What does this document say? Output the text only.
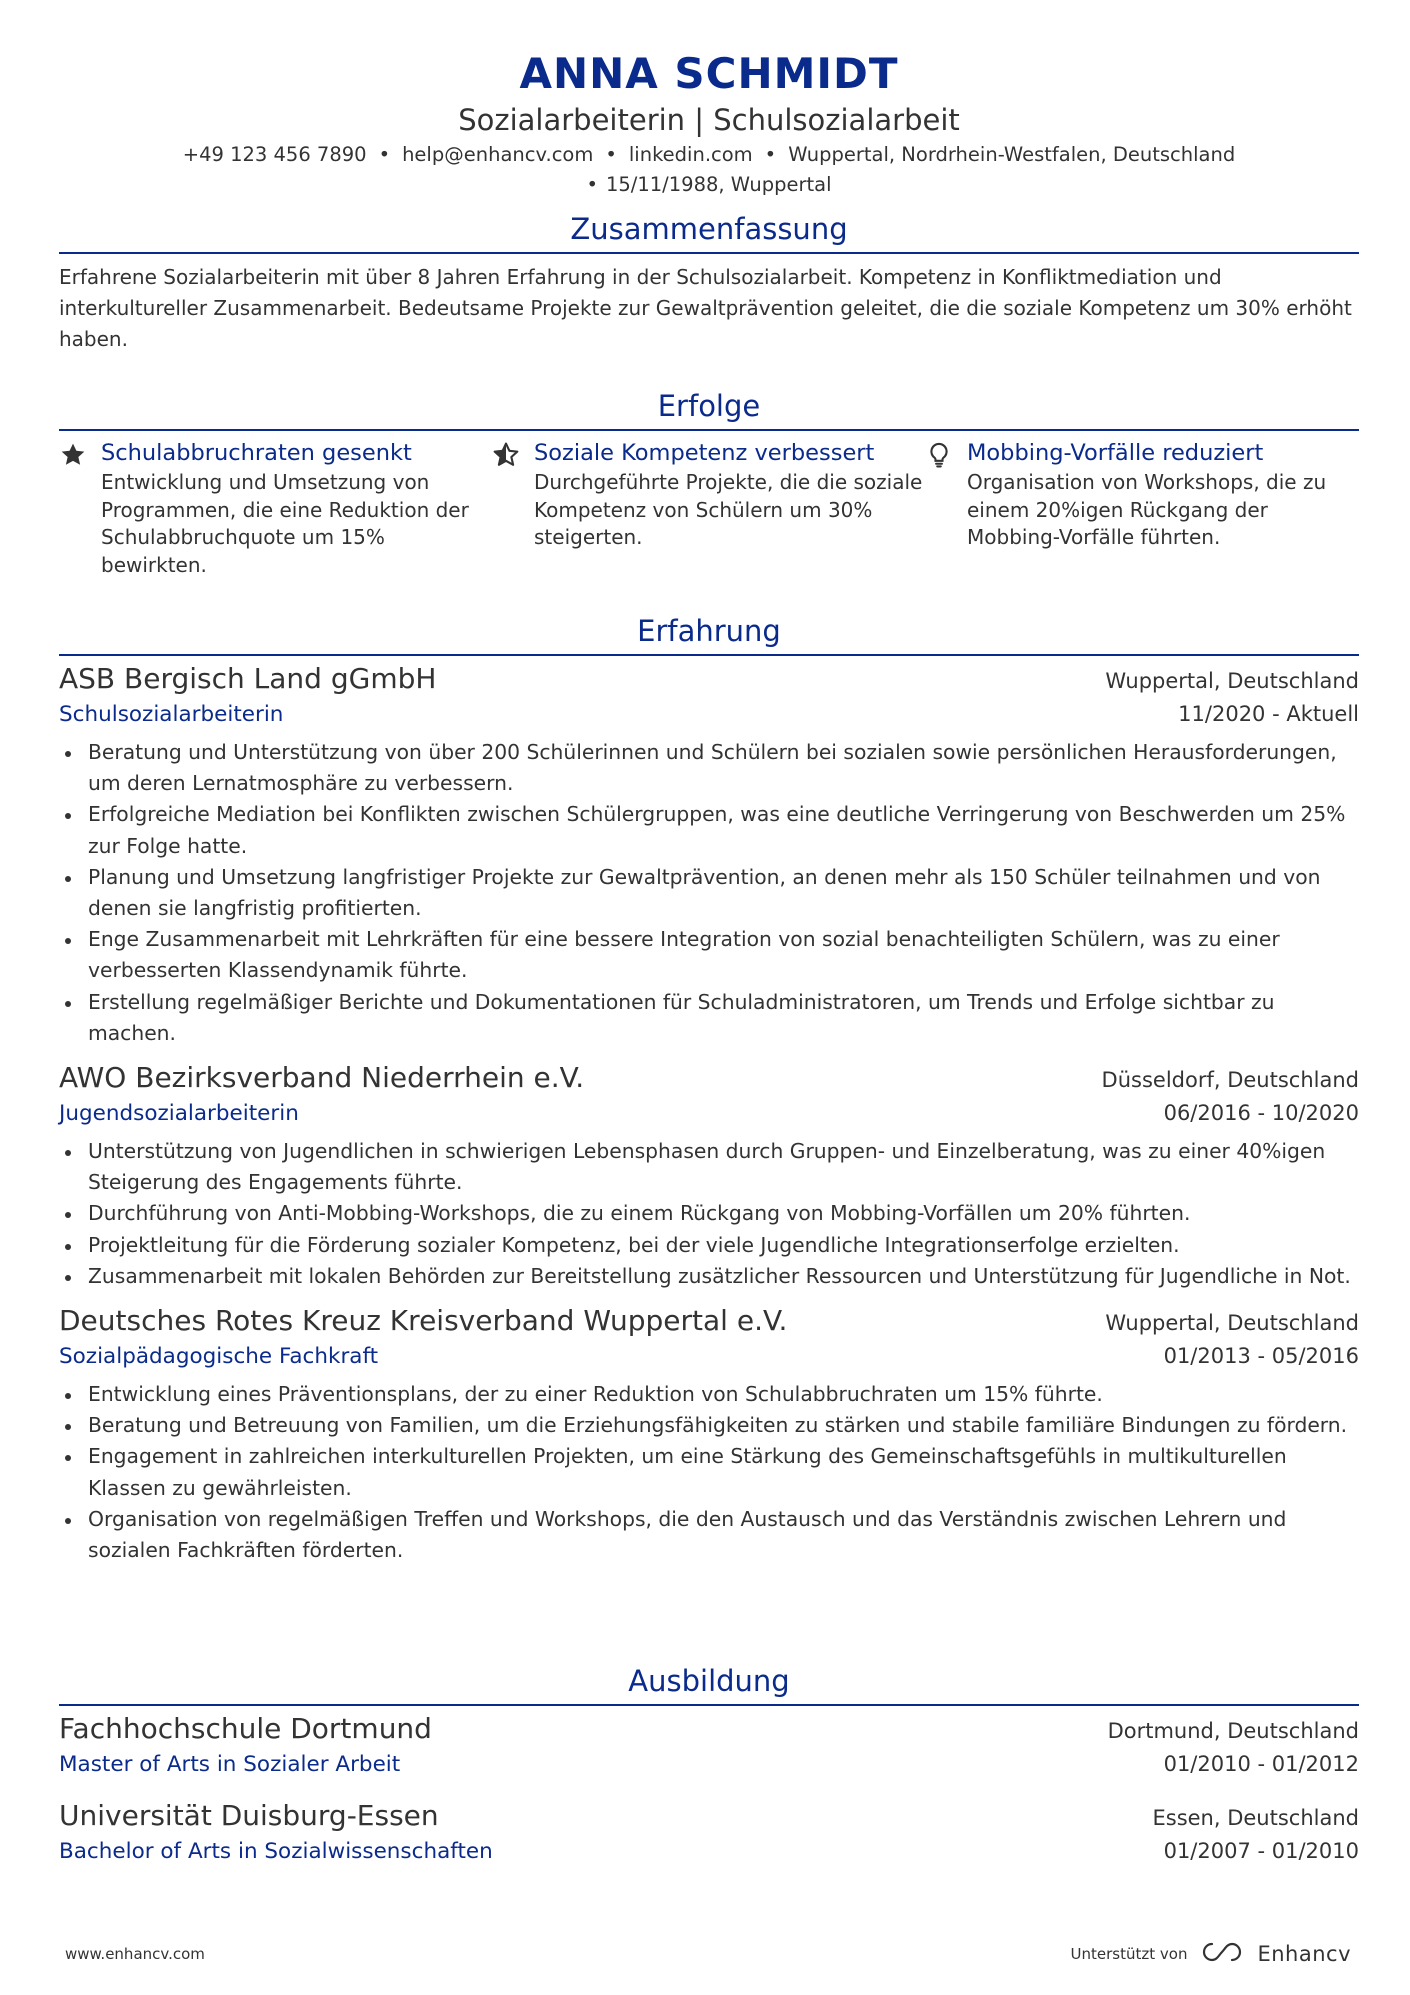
ANNA SCHMIDT
Sozialarbeiterin | Schulsozialarbeit
+49 123 456 7890 • help@enhancv.com • linkedin.com • Wuppertal, Nordrhein-Westfalen, Deutschland
• 15/11/1988, Wuppertal
Zusammenfassung
Erfahrene Sozialarbeiterin mit über 8 Jahren Erfahrung in der Schulsozialarbeit. Kompetenz in Konfliktmediation und interkultureller Zusammenarbeit. Bedeutsame Projekte zur Gewaltprävention geleitet, die die soziale Kompetenz um 30% erhöht haben.
Erfolge
Schulabbruchraten gesenkt
Entwicklung und Umsetzung von Programmen, die eine Reduktion der Schulabbruchquote um 15% bewirkten.
Soziale Kompetenz verbessert
Durchgeführte Projekte, die die soziale Kompetenz von Schülern um 30% steigerten.
Mobbing-Vorfälle reduziert
Organisation von Workshops, die zu einem 20%igen Rückgang der Mobbing-Vorfälle führten.
Erfahrung
ASB Bergisch Land gGmbH	Wuppertal, Deutschland
Schulsozialarbeiterin	11/2020 - Aktuell
Beratung und Unterstützung von über 200 Schülerinnen und Schülern bei sozialen sowie persönlichen Herausforderungen, um deren Lernatmosphäre zu verbessern.
Erfolgreiche Mediation bei Konflikten zwischen Schülergruppen, was eine deutliche Verringerung von Beschwerden um 25% zur Folge hatte.
Planung und Umsetzung langfristiger Projekte zur Gewaltprävention, an denen mehr als 150 Schüler teilnahmen und von denen sie langfristig profitierten.
Enge Zusammenarbeit mit Lehrkräften für eine bessere Integration von sozial benachteiligten Schülern, was zu einer verbesserten Klassendynamik führte.
Erstellung regelmäßiger Berichte und Dokumentationen für Schuladministratoren, um Trends und Erfolge sichtbar zu machen.
AWO Bezirksverband Niederrhein e.V.	Düsseldorf, Deutschland
Jugendsozialarbeiterin	06/2016 - 10/2020
Unterstützung von Jugendlichen in schwierigen Lebensphasen durch Gruppen- und Einzelberatung, was zu einer 40%igen Steigerung des Engagements führte.
Durchführung von Anti-Mobbing-Workshops, die zu einem Rückgang von Mobbing-Vorfällen um 20% führten.
Projektleitung für die Förderung sozialer Kompetenz, bei der viele Jugendliche Integrationserfolge erzielten.
Zusammenarbeit mit lokalen Behörden zur Bereitstellung zusätzlicher Ressourcen und Unterstützung für Jugendliche in Not.
Deutsches Rotes Kreuz Kreisverband Wuppertal e.V.	Wuppertal, Deutschland
Sozialpädagogische Fachkraft	01/2013 - 05/2016
Entwicklung eines Präventionsplans, der zu einer Reduktion von Schulabbruchraten um 15% führte.
Beratung und Betreuung von Familien, um die Erziehungsfähigkeiten zu stärken und stabile familiäre Bindungen zu fördern.
Engagement in zahlreichen interkulturellen Projekten, um eine Stärkung des Gemeinschaftsgefühls in multikulturellen Klassen zu gewährleisten.
Organisation von regelmäßigen Treffen und Workshops, die den Austausch und das Verständnis zwischen Lehrern und sozialen Fachkräften förderten.
Ausbildung
Fachhochschule Dortmund	Dortmund, Deutschland
Master of Arts in Sozialer Arbeit	01/2010 - 01/2012
Universität Duisburg-Essen	Essen, Deutschland
Bachelor of Arts in Sozialwissenschaften	01/2007 - 01/2010
www.enhancv.com	Unterstützt von	Enhancv
